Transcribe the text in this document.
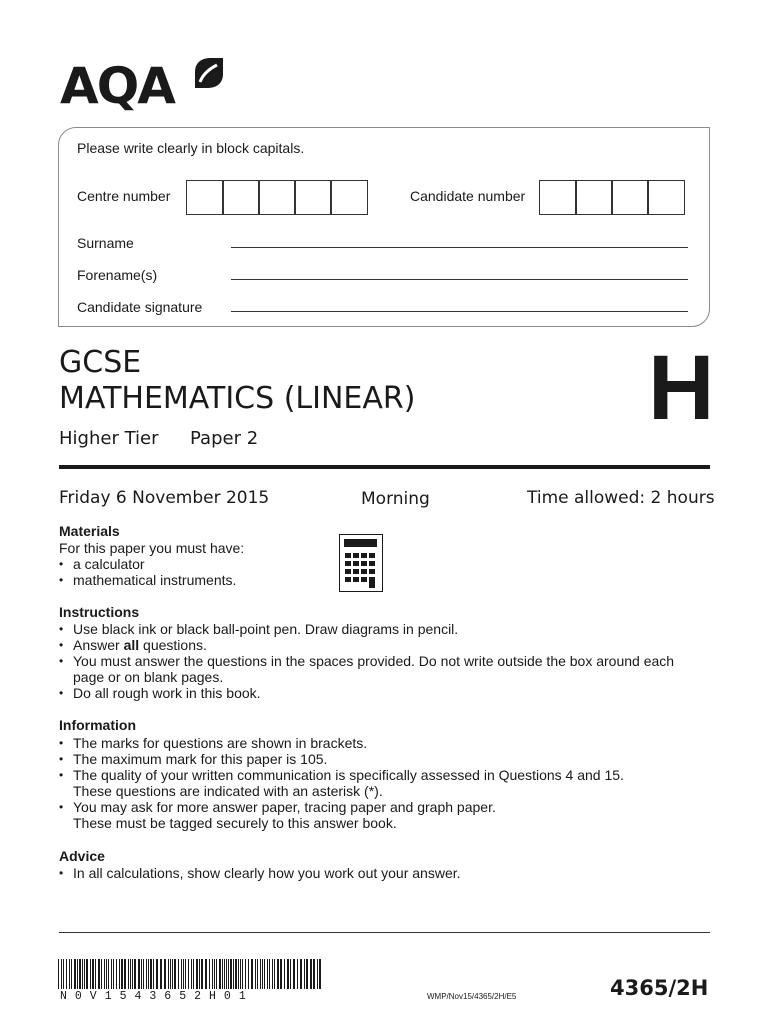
AQA
Please write clearly in block capitals.
Centre number	Candidate number
Surname
Forename(s)
Candidate signature
GCSE
MATHEMATICS (LINEAR)
Higher Tier Paper 2	H
Friday 6 November 2015	Morning	Time allowed: 2 hours
Materials
For this paper you must have:
• a calculator
• mathematical instruments.
Instructions
• Use black ink or black ball-point pen. Draw diagrams in pencil.
• Answer all questions.
• You must answer the questions in the spaces provided. Do not write outside the box around each
page or on blank pages.
• Do all rough work in this book.
Information
• The marks for questions are shown in brackets.
• The maximum mark for this paper is 105.
• The quality of your written communication is specifically assessed in Questions 4 and 15.
These questions are indicated with an asterisk (*).
• You may ask for more answer paper, tracing paper and graph paper.
These must be tagged securely to this answer book.
Advice
• In all calculations, show clearly how you work out your answer.
N0V1543652H01	WMP/Nov15/4365/2H/E5	4365/2H
